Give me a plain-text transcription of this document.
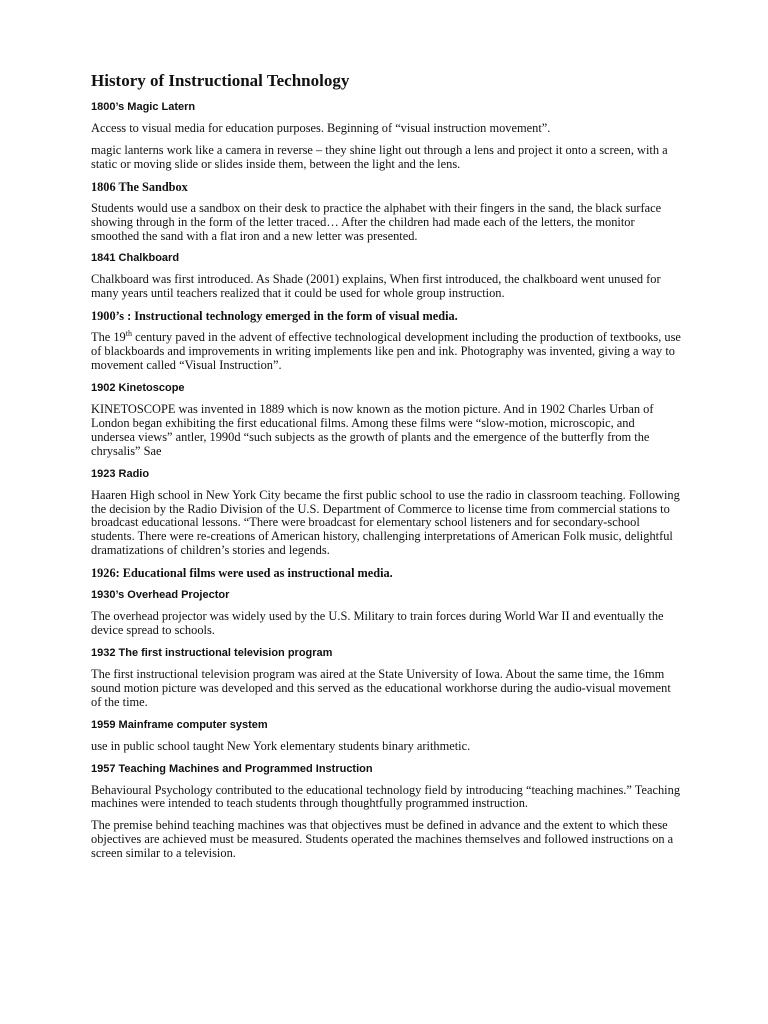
History of Instructional Technology
1800’s Magic Latern

Access to visual media for education purposes. Beginning of “visual instruction movement”.

magic lanterns work like a camera in reverse – they shine light out through a lens and project it onto a screen, with a static or moving slide or slides inside them, between the light and the lens.

1806 The Sandbox

Students would use a sandbox on their desk to practice the alphabet with their fingers in the sand, the black surface showing through in the form of the letter traced… After the children had made each of the letters, the monitor smoothed the sand with a flat iron and a new letter was presented.

1841 Chalkboard

Chalkboard was first introduced. As Shade (2001) explains, When first introduced, the chalkboard went unused for many years until teachers realized that it could be used for whole group instruction.

1900’s : Instructional technology emerged in the form of visual media.

The 19th century paved in the advent of effective technological development including the production of textbooks, use of blackboards and improvements in writing implements like pen and ink. Photography was invented, giving a way to movement called “Visual Instruction”.

1902 Kinetoscope

KINETOSCOPE was invented in 1889 which is now known as the motion picture. And in 1902 Charles Urban of London began exhibiting the first educational films. Among these films were “slow-motion, microscopic, and undersea views” antler, 1990d “such subjects as the growth of plants and the emergence of the butterfly from the chrysalis” Sae

1923 Radio

Haaren High school in New York City became the first public school to use the radio in classroom teaching. Following the decision by the Radio Division of the U.S. Department of Commerce to license time from commercial stations to broadcast educational lessons. “There were broadcast for elementary school listeners and for secondary-school students. There were re-creations of American history, challenging interpretations of American Folk music, delightful dramatizations of children’s stories and legends.

1926: Educational films were used as instructional media.
1930’s Overhead Projector

The overhead projector was widely used by the U.S. Military to train forces during World War II and eventually the device spread to schools.

1932 The first instructional television program

The first instructional television program was aired at the State University of Iowa. About the same time, the 16mm sound motion picture was developed and this served as the educational workhorse during the audio-visual movement of the time.

1959 Mainframe computer system

use in public school taught New York elementary students binary arithmetic.

1957 Teaching Machines and Programmed Instruction

Behavioural Psychology contributed to the educational technology field by introducing “teaching machines.” Teaching machines were intended to teach students through thoughtfully programmed instruction.

The premise behind teaching machines was that objectives must be defined in advance and the extent to which these objectives are achieved must be measured. Students operated the machines themselves and followed instructions on a screen similar to a television.
